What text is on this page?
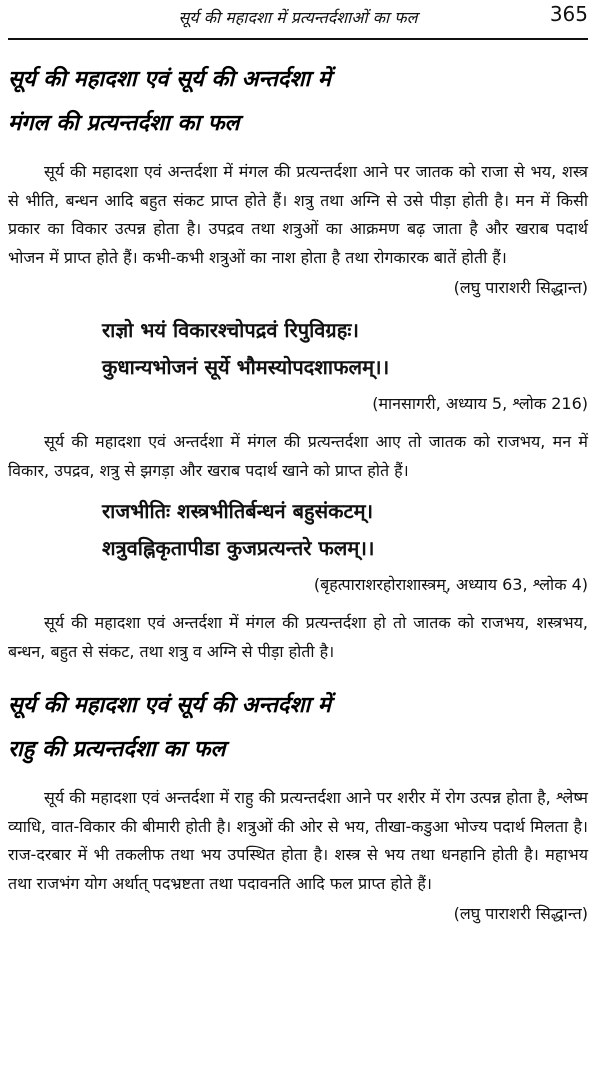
सूर्य की महादशा में प्रत्यन्तर्दशाओं का फल	365
सूर्य की महादशा एवं सूर्य की अन्तर्दशा में
मंगल की प्रत्यन्तर्दशा का फल

सूर्य की महादशा एवं अन्तर्दशा में मंगल की प्रत्यन्तर्दशा आने पर जातक को राजा से भय, शस्त्र से भीति, बन्धन आदि बहुत संकट प्राप्त होते हैं। शत्रु तथा अग्नि से उसे पीड़ा होती है। मन में किसी प्रकार का विकार उत्पन्न होता है। उपद्रव तथा शत्रुओं का आक्रमण बढ़ जाता है और खराब पदार्थ भोजन में प्राप्त होते हैं। कभी-कभी शत्रुओं का नाश होता है तथा रोगकारक बातें होती हैं।

(लघु पाराशरी सिद्धान्त)
राज्ञो भयं विकारश्चोपद्रवं रिपुविग्रहः।
कुधान्यभोजनं सूर्ये भौमस्योपदशाफलम्।।
(मानसागरी, अध्याय 5, श्लोक 216)

सूर्य की महादशा एवं अन्तर्दशा में मंगल की प्रत्यन्तर्दशा आए तो जातक को राजभय, मन में विकार, उपद्रव, शत्रु से झगड़ा और खराब पदार्थ खाने को प्राप्त होते हैं।

राजभीतिः शस्त्रभीतिर्बन्धनं बहुसंकटम्।
शत्रुवह्निकृतापीडा कुजप्रत्यन्तरे फलम्।।
(बृहत्पाराशरहोराशास्त्रम्, अध्याय 63, श्लोक 4)

सूर्य की महादशा एवं अन्तर्दशा में मंगल की प्रत्यन्तर्दशा हो तो जातक को राजभय, शस्त्रभय, बन्धन, बहुत से संकट, तथा शत्रु व अग्नि से पीड़ा होती है।

सूर्य की महादशा एवं सूर्य की अन्तर्दशा में
राहु की प्रत्यन्तर्दशा का फल

सूर्य की महादशा एवं अन्तर्दशा में राहु की प्रत्यन्तर्दशा आने पर शरीर में रोग उत्पन्न होता है, श्लेष्म व्याधि, वात-विकार की बीमारी होती है। शत्रुओं की ओर से भय, तीखा-कडुआ भोज्य पदार्थ मिलता है। राज-दरबार में भी तकलीफ तथा भय उपस्थित होता है। शस्त्र से भय तथा धनहानि होती है। महाभय तथा राजभंग योग अर्थात् पदभ्रष्टता तथा पदावनति आदि फल प्राप्त होते हैं।

(लघु पाराशरी सिद्धान्त)
